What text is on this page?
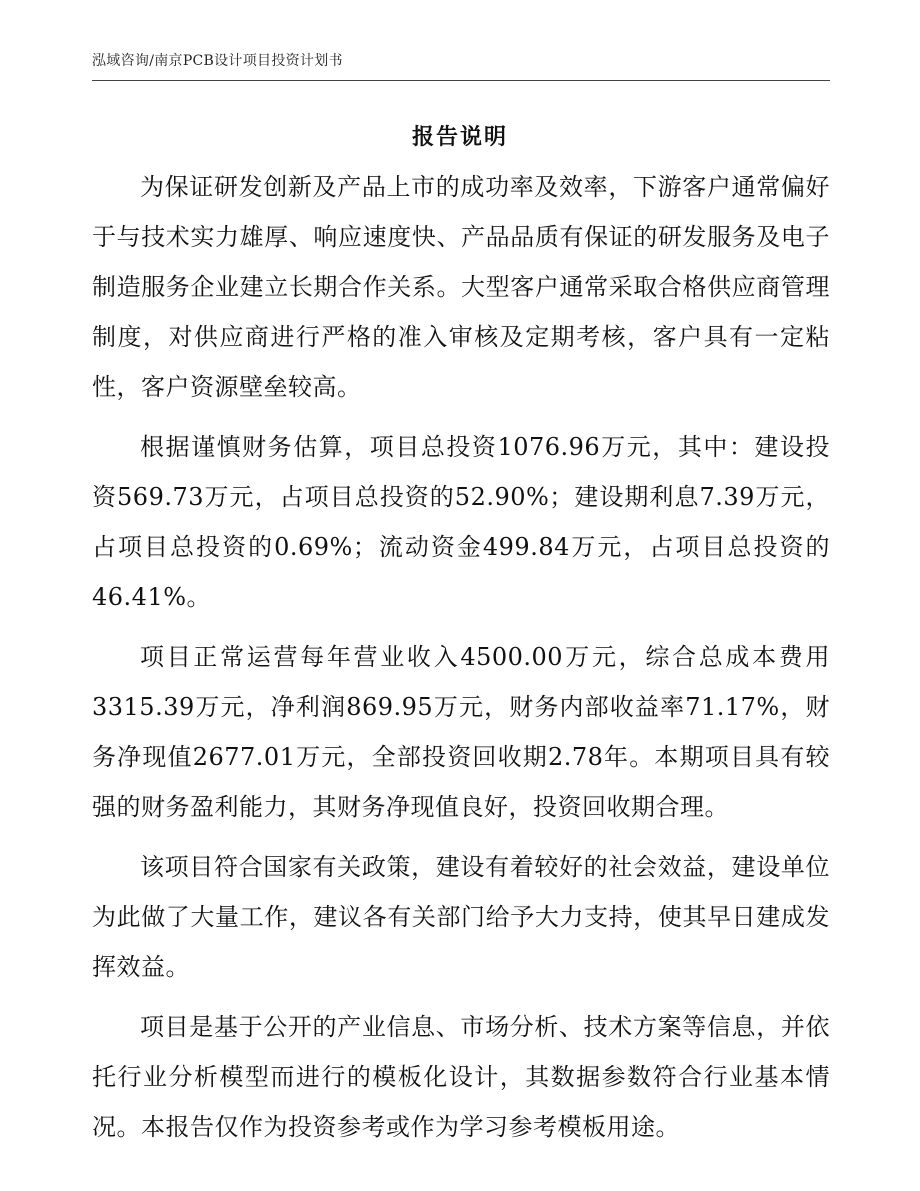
泓域咨询/南京PCB设计项目投资计划书
报告说明

为保证研发创新及产品上市的成功率及效率，下游客户通常偏好于与技术实力雄厚、响应速度快、产品品质有保证的研发服务及电子制造服务企业建立长期合作关系。大型客户通常采取合格供应商管理制度，对供应商进行严格的准入审核及定期考核，客户具有一定粘性，客户资源壁垒较高。

根据谨慎财务估算，项目总投资1076.96万元，其中：建设投资569.73万元，占项目总投资的52.90%；建设期利息7.39万元，占项目总投资的0.69%；流动资金499.84万元，占项目总投资的46.41%。

项目正常运营每年营业收入4500.00万元，综合总成本费用3315.39万元，净利润869.95万元，财务内部收益率71.17%，财务净现值2677.01万元，全部投资回收期2.78年。本期项目具有较强的财务盈利能力，其财务净现值良好，投资回收期合理。

该项目符合国家有关政策，建设有着较好的社会效益，建设单位为此做了大量工作，建议各有关部门给予大力支持，使其早日建成发挥效益。

项目是基于公开的产业信息、市场分析、技术方案等信息，并依托行业分析模型而进行的模板化设计，其数据参数符合行业基本情况。本报告仅作为投资参考或作为学习参考模板用途。
